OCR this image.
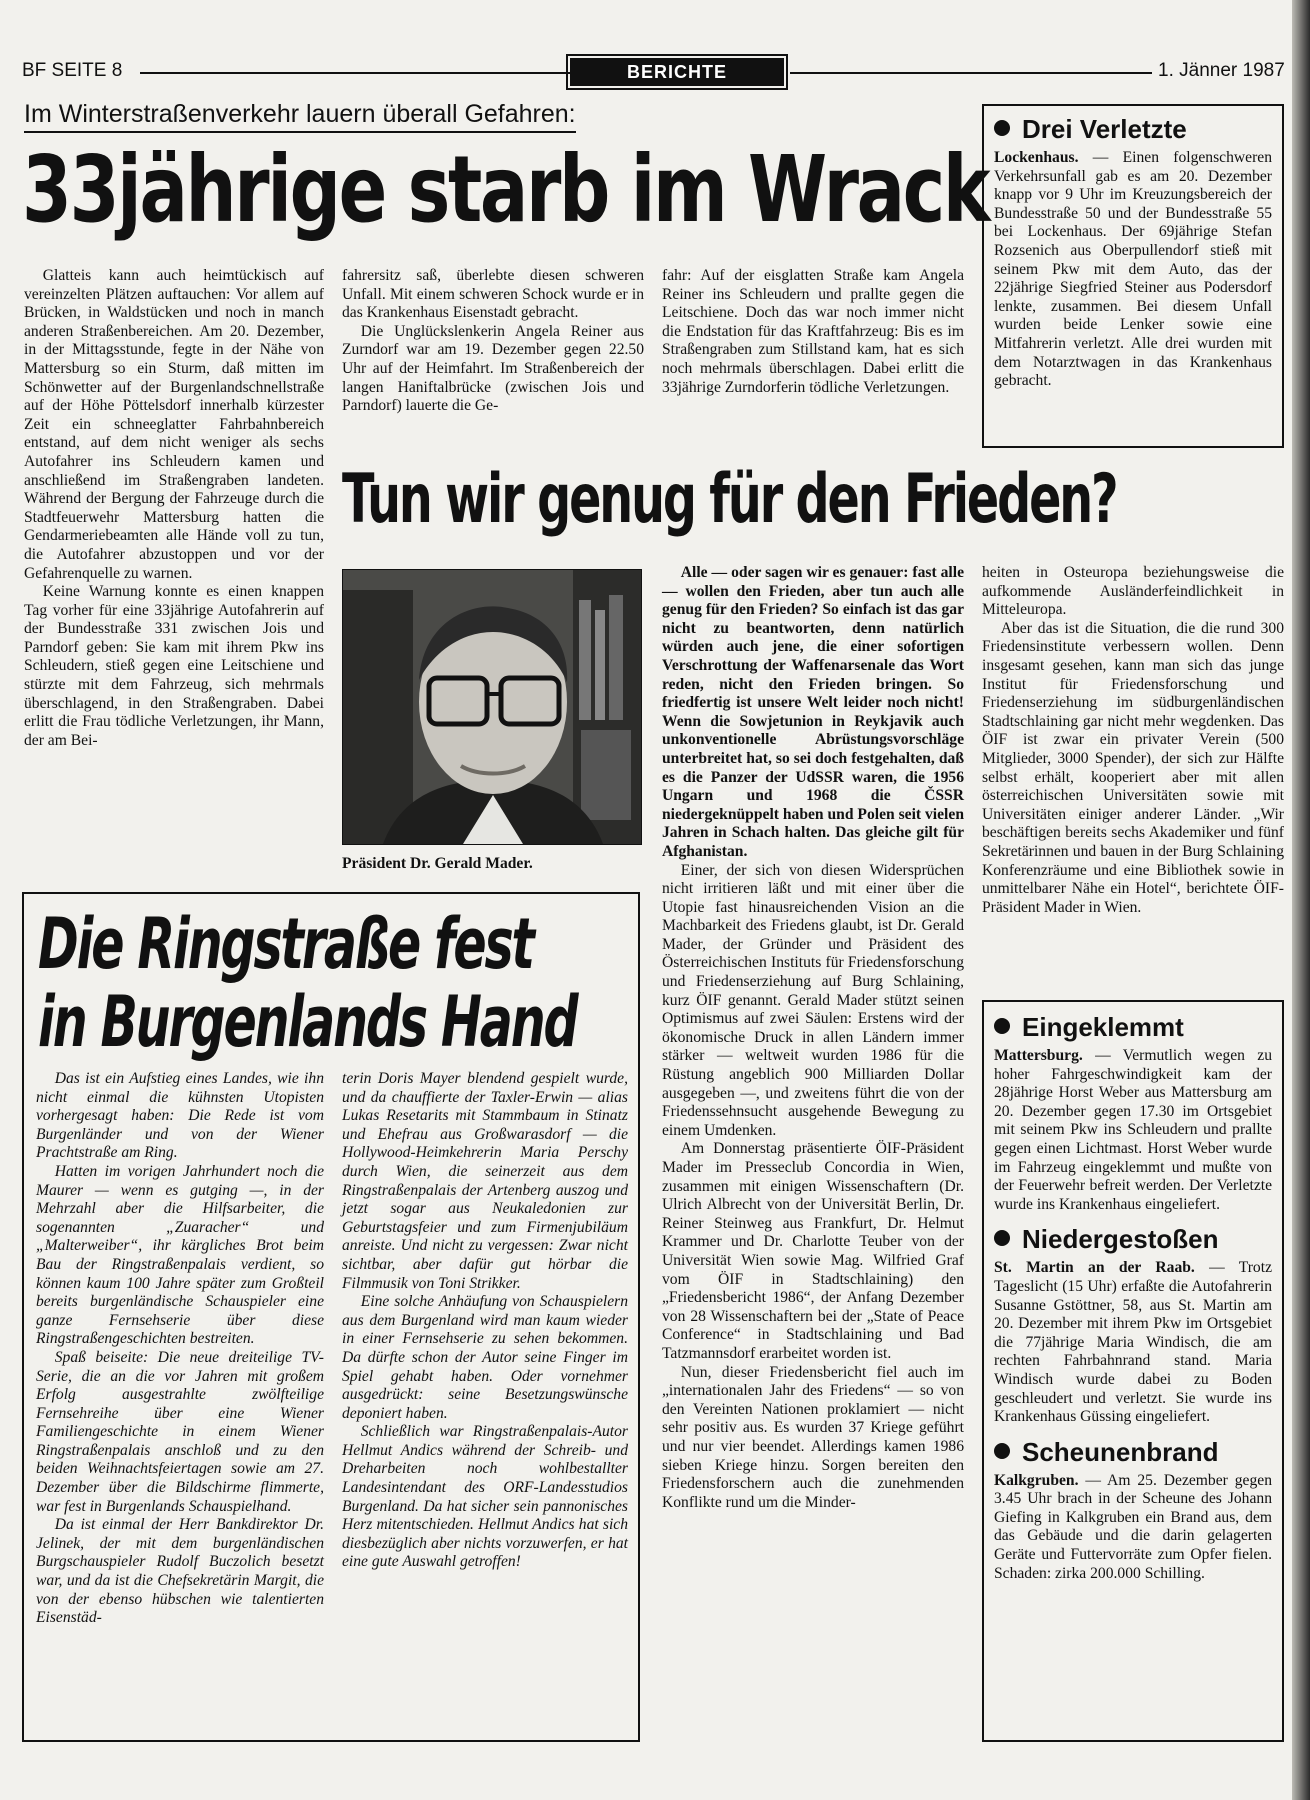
BF SEITE 8	BERICHTE	1. Jänner 1987
Im Winterstraßenverkehr lauern überall Gefahren:
33jährige starb im Wrack

Glatteis kann auch heimtückisch auf vereinzelten Plätzen auftauchen: Vor allem auf Brücken, in Waldstücken und noch in manch anderen Straßenbereichen. Am 20. Dezember, in der Mittagsstunde, fegte in der Nähe von Mattersburg so ein Sturm, daß mitten im Schönwetter auf der Burgenlandschnellstraße auf der Höhe Pöttelsdorf innerhalb kürzester Zeit ein schneeglatter Fahrbahnbereich entstand, auf dem nicht weniger als sechs Autofahrer ins Schleudern kamen und anschließend im Straßengraben landeten. Während der Bergung der Fahrzeuge durch die Stadtfeuerwehr Mattersburg hatten die Gendarmeriebeamten alle Hände voll zu tun, die Autofahrer abzustoppen und vor der Gefahrenquelle zu warnen.

Keine Warnung konnte es einen knappen Tag vorher für eine 33jährige Autofahrerin auf der Bundesstraße 331 zwischen Jois und Parndorf geben: Sie kam mit ihrem Pkw ins Schleudern, stieß gegen eine Leitschiene und stürzte mit dem Fahrzeug, sich mehrmals überschlagend, in den Straßengraben. Dabei erlitt die Frau tödliche Verletzungen, ihr Mann, der am Bei-

fahrersitz saß, überlebte diesen schweren Unfall. Mit einem schweren Schock wurde er in das Krankenhaus Eisenstadt gebracht.

Die Unglückslenkerin Angela Reiner aus Zurndorf war am 19. Dezember gegen 22.50 Uhr auf der Heimfahrt. Im Straßenbereich der langen Haniftalbrücke (zwischen Jois und Parndorf) lauerte die Ge-

fahr: Auf der eisglatten Straße kam Angela Reiner ins Schleudern und prallte gegen die Leitschiene. Doch das war noch immer nicht die Endstation für das Kraftfahrzeug: Bis es im Straßengraben zum Stillstand kam, hat es sich noch mehrmals überschlagen. Dabei erlitt die 33jährige Zurndorferin tödliche Verletzungen.

Drei Verletzte
Lockenhaus. — Einen folgenschweren Verkehrsunfall gab es am 20. Dezember knapp vor 9 Uhr im Kreuzungsbereich der Bundesstraße 50 und der Bundesstraße 55 bei Lockenhaus. Der 69jährige Stefan Rozsenich aus Oberpullendorf stieß mit seinem Pkw mit dem Auto, das der 22jährige Siegfried Steiner aus Podersdorf lenkte, zusammen. Bei diesem Unfall wurden beide Lenker sowie eine Mitfahrerin verletzt. Alle drei wurden mit dem Notarztwagen in das Krankenhaus gebracht.
Tun wir genug für den Frieden?
Präsident Dr. Gerald Mader.

Alle — oder sagen wir es genauer: fast alle — wollen den Frieden, aber tun auch alle genug für den Frieden? So einfach ist das gar nicht zu beantworten, denn natürlich würden auch jene, die einer sofortigen Verschrottung der Waffenarsenale das Wort reden, nicht den Frieden bringen. So friedfertig ist unsere Welt leider noch nicht! Wenn die Sowjetunion in Reykjavik auch unkonventionelle Abrüstungsvorschläge unterbreitet hat, so sei doch festgehalten, daß es die Panzer der UdSSR waren, die 1956 Ungarn und 1968 die ČSSR niedergeknüppelt haben und Polen seit vielen Jahren in Schach halten. Das gleiche gilt für Afghanistan.

Einer, der sich von diesen Widersprüchen nicht irritieren läßt und mit einer über die Utopie fast hinausreichenden Vision an die Machbarkeit des Friedens glaubt, ist Dr. Gerald Mader, der Gründer und Präsident des Österreichischen Instituts für Friedensforschung und Friedenserziehung auf Burg Schlaining, kurz ÖIF genannt. Gerald Mader stützt seinen Optimismus auf zwei Säulen: Erstens wird der ökonomische Druck in allen Ländern immer stärker — weltweit wurden 1986 für die Rüstung angeblich 900 Milliarden Dollar ausgegeben —, und zweitens führt die von der Friedenssehnsucht ausgehende Bewegung zu einem Umdenken.

Am Donnerstag präsentierte ÖIF-Präsident Mader im Presseclub Concordia in Wien, zusammen mit einigen Wissenschaftern (Dr. Ulrich Albrecht von der Universität Berlin, Dr. Reiner Steinweg aus Frankfurt, Dr. Helmut Krammer und Dr. Charlotte Teuber von der Universität Wien sowie Mag. Wilfried Graf vom ÖIF in Stadtschlaining) den „Friedensbericht 1986“, der Anfang Dezember von 28 Wissenschaftern bei der „State of Peace Conference“ in Stadtschlaining und Bad Tatzmannsdorf erarbeitet worden ist.

Nun, dieser Friedensbericht fiel auch im „internationalen Jahr des Friedens“ — so von den Vereinten Nationen proklamiert — nicht sehr positiv aus. Es wurden 37 Kriege geführt und nur vier beendet. Allerdings kamen 1986 sieben Kriege hinzu. Sorgen bereiten den Friedensforschern auch die zunehmenden Konflikte rund um die Minder-

heiten in Osteuropa beziehungsweise die aufkommende Ausländerfeindlichkeit in Mitteleuropa.

Aber das ist die Situation, die die rund 300 Friedensinstitute verbessern wollen. Denn insgesamt gesehen, kann man sich das junge Institut für Friedensforschung und Friedenserziehung im südburgenländischen Stadtschlaining gar nicht mehr wegdenken. Das ÖIF ist zwar ein privater Verein (500 Mitglieder, 3000 Spender), der sich zur Hälfte selbst erhält, kooperiert aber mit allen österreichischen Universitäten sowie mit Universitäten einiger anderer Länder. „Wir beschäftigen bereits sechs Akademiker und fünf Sekretärinnen und bauen in der Burg Schlaining Konferenzräume und eine Bibliothek sowie in unmittelbarer Nähe ein Hotel“, berichtete ÖIF-Präsident Mader in Wien.

Die Ringstraße fest
in Burgenlands Hand

Das ist ein Aufstieg eines Landes, wie ihn nicht einmal die kühnsten Utopisten vorhergesagt haben: Die Rede ist vom Burgenländer und von der Wiener Prachtstraße am Ring.

Hatten im vorigen Jahrhundert noch die Maurer — wenn es gutging —, in der Mehrzahl aber die Hilfsarbeiter, die sogenannten „Zuaracher“ und „Malterweiber“, ihr kärgliches Brot beim Bau der Ringstraßenpalais verdient, so können kaum 100 Jahre später zum Großteil bereits burgenländische Schauspieler eine ganze Fernsehserie über diese Ringstraßengeschichten bestreiten.

Spaß beiseite: Die neue dreiteilige TV-Serie, die an die vor Jahren mit großem Erfolg ausgestrahlte zwölfteilige Fernsehreihe über eine Wiener Familiengeschichte in einem Wiener Ringstraßenpalais anschloß und zu den beiden Weihnachtsfeiertagen sowie am 27. Dezember über die Bildschirme flimmerte, war fest in Burgenlands Schauspielhand.

Da ist einmal der Herr Bankdirektor Dr. Jelinek, der mit dem burgenländischen Burgschauspieler Rudolf Buczolich besetzt war, und da ist die Chefsekretärin Margit, die von der ebenso hübschen wie talentierten Eisenstäd-

terin Doris Mayer blendend gespielt wurde, und da chauffierte der Taxler-Erwin — alias Lukas Resetarits mit Stammbaum in Stinatz und Ehefrau aus Großwarasdorf — die Hollywood-Heimkehrerin Maria Perschy durch Wien, die seinerzeit aus dem Ringstraßenpalais der Artenberg auszog und jetzt sogar aus Neukaledonien zur Geburtstagsfeier und zum Firmenjubiläum anreiste. Und nicht zu vergessen: Zwar nicht sichtbar, aber dafür gut hörbar die Filmmusik von Toni Strikker.

Eine solche Anhäufung von Schauspielern aus dem Burgenland wird man kaum wieder in einer Fernsehserie zu sehen bekommen. Da dürfte schon der Autor seine Finger im Spiel gehabt haben. Oder vornehmer ausgedrückt: seine Besetzungswünsche deponiert haben.

Schließlich war Ringstraßenpalais-Autor Hellmut Andics während der Schreib- und Dreharbeiten noch wohlbestallter Landesintendant des ORF-Landesstudios Burgenland. Da hat sicher sein pannonisches Herz mitentschieden. Hellmut Andics hat sich diesbezüglich aber nichts vorzuwerfen, er hat eine gute Auswahl getroffen!

Eingeklemmt
Mattersburg. — Vermutlich wegen zu hoher Fahrgeschwindigkeit kam der 28jährige Horst Weber aus Mattersburg am 20. Dezember gegen 17.30 im Ortsgebiet mit seinem Pkw ins Schleudern und prallte gegen einen Lichtmast. Horst Weber wurde im Fahrzeug eingeklemmt und mußte von der Feuerwehr befreit werden. Der Verletzte wurde ins Krankenhaus eingeliefert.
Niedergestoßen
St. Martin an der Raab. — Trotz Tageslicht (15 Uhr) erfaßte die Autofahrerin Susanne Gstöttner, 58, aus St. Martin am 20. Dezember mit ihrem Pkw im Ortsgebiet die 77jährige Maria Windisch, die am rechten Fahrbahnrand stand. Maria Windisch wurde dabei zu Boden geschleudert und verletzt. Sie wurde ins Krankenhaus Güssing eingeliefert.
Scheunenbrand
Kalkgruben. — Am 25. Dezember gegen 3.45 Uhr brach in der Scheune des Johann Giefing in Kalkgruben ein Brand aus, dem das Gebäude und die darin gelagerten Geräte und Futtervorräte zum Opfer fielen. Schaden: zirka 200.000 Schilling.
